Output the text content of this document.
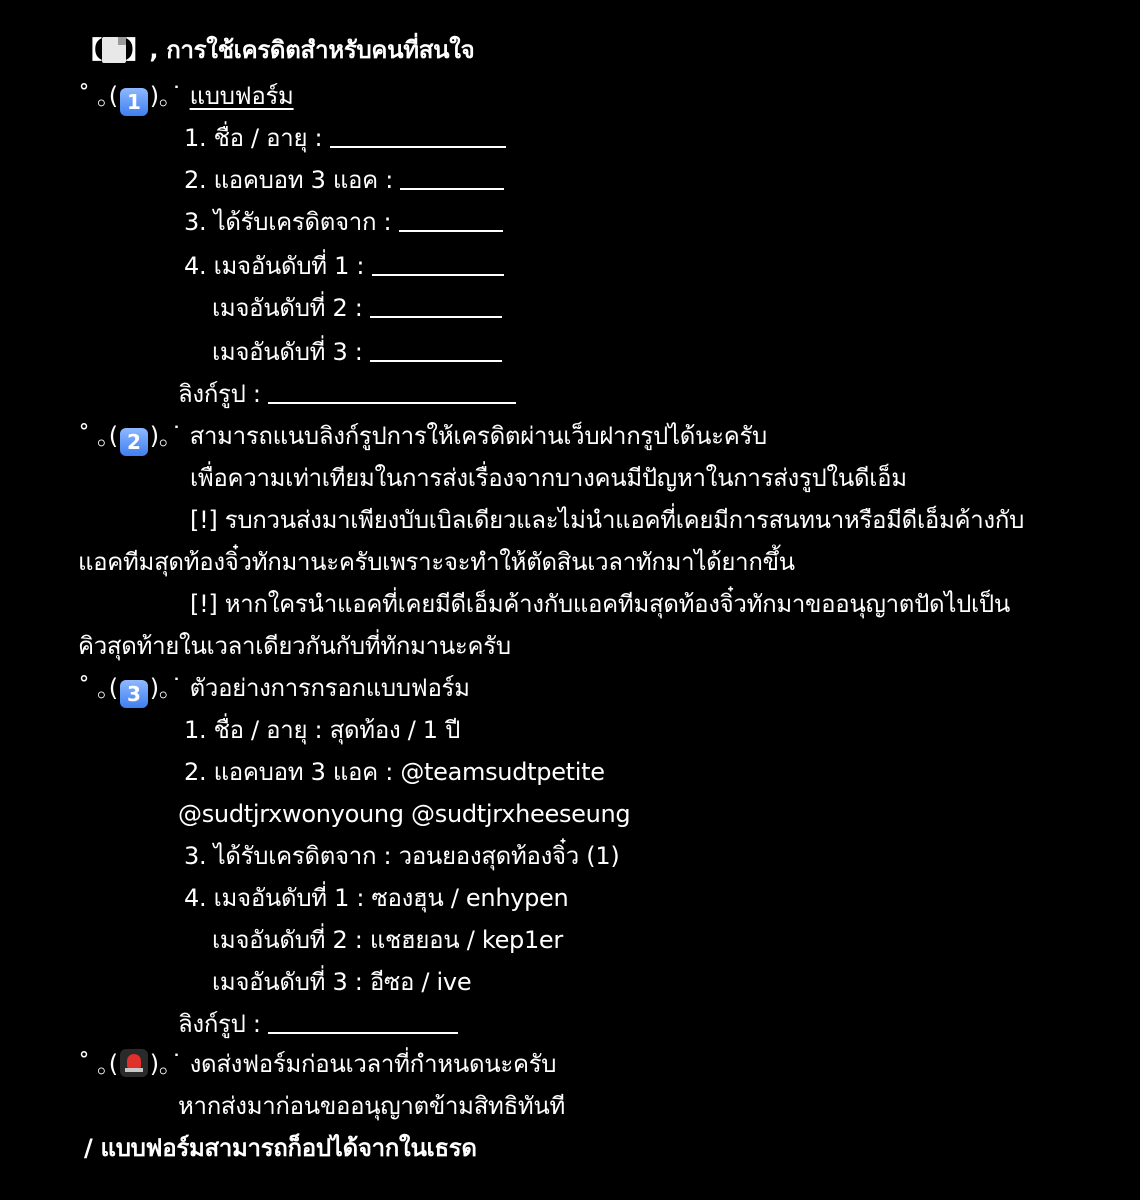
【 】, การใช้เครดิตสำหรับคนที่สนใจ
˚ ｡( 1 )｡˙ แบบฟอร์ม
1. ชื่อ / อายุ :
2. แอคบอท 3 แอค :
3. ได้รับเครดิตจาก :
4. เมจอันดับที่ 1 :
เมจอันดับที่ 2 :
เมจอันดับที่ 3 :
ลิงก์รูป :
˚ ｡( 2 )｡˙ สามารถแนบลิงก์รูปการให้เครดิตผ่านเว็บฝากรูปได้นะครับ
เพื่อความเท่าเทียมในการส่งเรื่องจากบางคนมีปัญหาในการส่งรูปในดีเอ็ม
[!] รบกวนส่งมาเพียงบับเบิลเดียวและไม่นำแอคที่เคยมีการสนทนาหรือมีดีเอ็มค้างกับ
แอคทีมสุดท้องจิ๋วทักมานะครับเพราะจะทำให้ตัดสินเวลาทักมาได้ยากขึ้น
[!] หากใครนำแอคที่เคยมีดีเอ็มค้างกับแอคทีมสุดท้องจิ๋วทักมาขออนุญาตปัดไปเป็น
คิวสุดท้ายในเวลาเดียวกันกับที่ทักมานะครับ
˚ ｡( 3 )｡˙ ตัวอย่างการกรอกแบบฟอร์ม
1. ชื่อ / อายุ : สุดท้อง / 1 ปี
2. แอคบอท 3 แอค : @teamsudtpetite
@sudtjrxwonyoung @sudtjrxheeseung
3. ได้รับเครดิตจาก : วอนยองสุดท้องจิ๋ว (1)
4. เมจอันดับที่ 1 : ซองฮุน / enhypen
เมจอันดับที่ 2 : แชฮยอน / kep1er
เมจอันดับที่ 3 : อีซอ / ive
ลิงก์รูป :
˚ ｡( )｡˙ งดส่งฟอร์มก่อนเวลาที่กำหนดนะครับ
หากส่งมาก่อนขออนุญาตข้ามสิทธิทันที
/ แบบฟอร์มสามารถก็อปได้จากในเธรด
